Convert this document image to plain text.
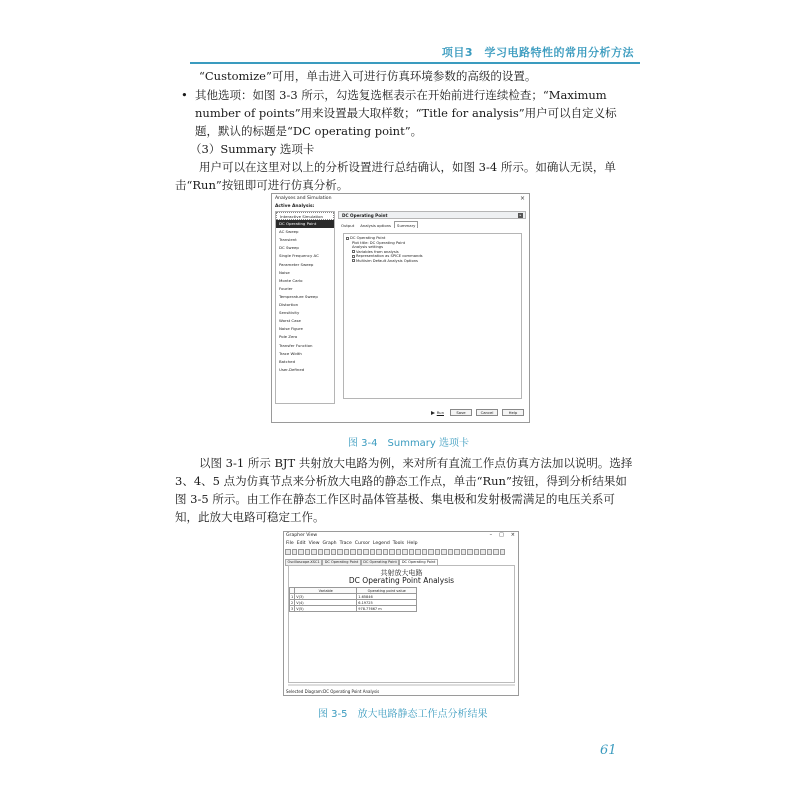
项目3　学习电路特性的常用分析方法
“Customize”可用，单击进入可进行仿真环境参数的高级的设置。
• 其他选项：如图 3-3 所示，勾选复选框表示在开始前进行连续检查；“Maximum number of points”用来设置最大取样数；“Title for analysis”用户可以自定义标题，默认的标题是“DC operating point”。
（3）Summary 选项卡
用户可以在这里对以上的分析设置进行总结确认，如图 3-4 所示。如确认无误，单击“Run”按钮即可进行仿真分析。
Analyses and Simulation	×
Active Analysis:
Interactive Simulation
DC Operating Point
AC Sweep
Transient
DC Sweep
Single Frequency AC
Parameter Sweep
Noise
Monte Carlo
Fourier
Temperature Sweep
Distortion
Sensitivity
Worst Case
Noise Figure
Pole Zero
Transfer Function
Trace Width
Batched
User-Defined
DC Operating Point	▸
Output	Analysis options	Summary
DC Operating Point
Plot title: DC Operating Point
Analysis settings
Variables from analysis
Representation as SPICE commands
Multisim Default Analysis Options
Run	Save	Cancel	Help
图 3-4　Summary 选项卡
以图 3-1 所示 BJT 共射放大电路为例，来对所有直流工作点仿真方法加以说明。选择 3、4、5 点为仿真节点来分析放大电路的静态工作点，单击“Run”按钮，得到分析结果如图 3-5 所示。由工作在静态工作区时晶体管基极、集电极和发射极需满足的电压关系可知，此放大电路可稳定工作。
Grapher View	– □ ×
File Edit View Graph Trace Cursor Legend Tools Help
Oscilloscope-XSC1	DC Operating Point	DC Operating Point	DC Operating Point
共射放大电路
DC Operating Point Analysis
	Variable	Operating point value
1	V(3)	1.65846
2	V(4)	6.19725
3	V(5)	978.77667 m
Selected Diagram:DC Operating Point Analysis
图 3-5　放大电路静态工作点分析结果
61
